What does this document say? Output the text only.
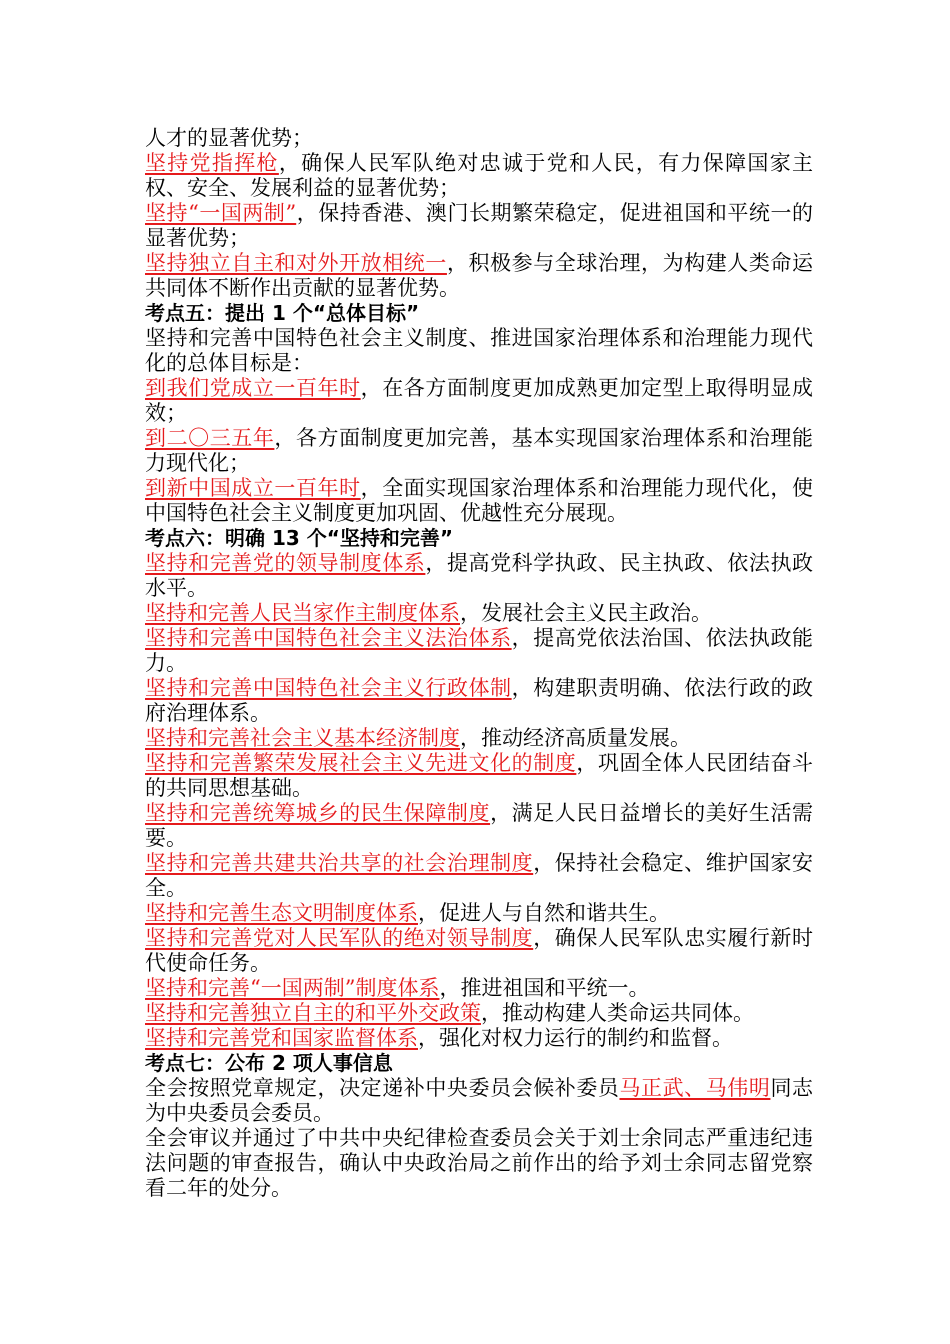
人才的显著优势；

坚持党指挥枪，确保人民军队绝对忠诚于党和人民，有力保障国家主权、安全、发展利益的显著优势；

坚持“一国两制”，保持香港、澳门长期繁荣稳定，促进祖国和平统一的显著优势；

坚持独立自主和对外开放相统一，积极参与全球治理，为构建人类命运共同体不断作出贡献的显著优势。

考点五：提出 1 个“总体目标”

坚持和完善中国特色社会主义制度、推进国家治理体系和治理能力现代化的总体目标是：

到我们党成立一百年时，在各方面制度更加成熟更加定型上取得明显成效；

到二〇三五年，各方面制度更加完善，基本实现国家治理体系和治理能力现代化；

到新中国成立一百年时，全面实现国家治理体系和治理能力现代化，使中国特色社会主义制度更加巩固、优越性充分展现。

考点六：明确 13 个“坚持和完善”

坚持和完善党的领导制度体系，提高党科学执政、民主执政、依法执政水平。

坚持和完善人民当家作主制度体系，发展社会主义民主政治。

坚持和完善中国特色社会主义法治体系，提高党依法治国、依法执政能力。

坚持和完善中国特色社会主义行政体制，构建职责明确、依法行政的政府治理体系。

坚持和完善社会主义基本经济制度，推动经济高质量发展。

坚持和完善繁荣发展社会主义先进文化的制度，巩固全体人民团结奋斗的共同思想基础。

坚持和完善统筹城乡的民生保障制度，满足人民日益增长的美好生活需要。

坚持和完善共建共治共享的社会治理制度，保持社会稳定、维护国家安全。

坚持和完善生态文明制度体系，促进人与自然和谐共生。

坚持和完善党对人民军队的绝对领导制度，确保人民军队忠实履行新时代使命任务。

坚持和完善“一国两制”制度体系，推进祖国和平统一。

坚持和完善独立自主的和平外交政策，推动构建人类命运共同体。

坚持和完善党和国家监督体系，强化对权力运行的制约和监督。

考点七：公布 2 项人事信息

全会按照党章规定，决定递补中央委员会候补委员马正武、马伟明同志为中央委员会委员。

全会审议并通过了中共中央纪律检查委员会关于刘士余同志严重违纪违法问题的审查报告，确认中央政治局之前作出的给予刘士余同志留党察看二年的处分。
